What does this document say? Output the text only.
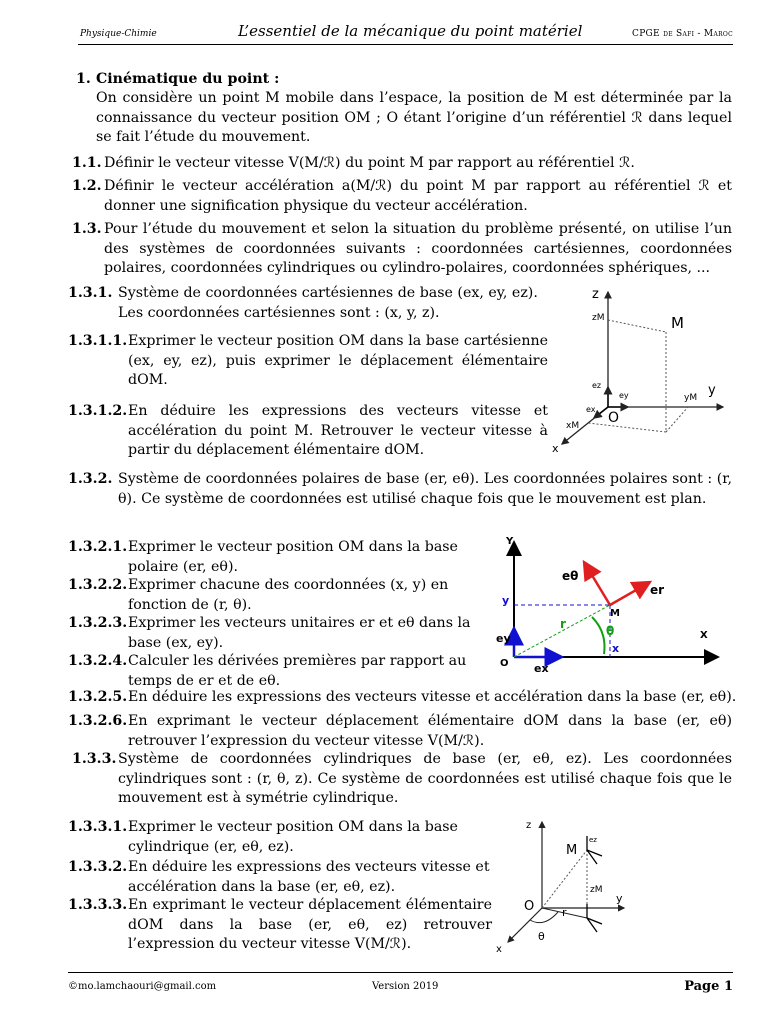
Physique-Chimie	L’essentiel de la mécanique du point matériel	CPGE de Safi - Maroc
1. Cinématique du point :
On considère un point M mobile dans l’espace, la position de M est déterminée par la connaissance du vecteur position OM ; O étant l’origine d’un référentiel ℛ dans lequel se fait l’étude du mouvement.
1.1. Définir le vecteur vitesse V(M/ℛ) du point M par rapport au référentiel ℛ.
1.2. Définir le vecteur accélération a(M/ℛ) du point M par rapport au référentiel ℛ et donner une signification physique du vecteur accélération.
1.3. Pour l’étude du mouvement et selon la situation du problème présenté, on utilise l’un des systèmes de coordonnées suivants : coordonnées cartésiennes, coordonnées polaires, coordonnées cylindriques ou cylindro-polaires, coordonnées sphériques, ...
1.3.1. Système de coordonnées cartésiennes de base (ex, ey, ez). Les coordonnées cartésiennes sont : (x, y, z).
1.3.1.1. Exprimer le vecteur position OM dans la base cartésienne (ex, ey, ez), puis exprimer le déplacement élémentaire dOM.
1.3.1.2. En déduire les expressions des vecteurs vitesse et accélération du point M. Retrouver le vecteur vitesse à partir du déplacement élémentaire dOM.
1.3.2. Système de coordonnées polaires de base (er, eθ). Les coordonnées polaires sont : (r, θ). Ce système de coordonnées est utilisé chaque fois que le mouvement est plan.
1.3.2.1. Exprimer le vecteur position OM dans la base polaire (er, eθ).
1.3.2.2. Exprimer chacune des coordonnées (x, y) en fonction de (r, θ).
1.3.2.3. Exprimer les vecteurs unitaires er et eθ dans la base (ex, ey).
1.3.2.4. Calculer les dérivées premières par rapport au temps de er et de eθ.
1.3.2.5. En déduire les expressions des vecteurs vitesse et accélération dans la base (er, eθ).
1.3.2.6. En exprimant le vecteur déplacement élémentaire dOM dans la base (er, eθ) retrouver l’expression du vecteur vitesse V(M/ℛ).
1.3.3. Système de coordonnées cylindriques de base (er, eθ, ez). Les coordonnées cylindriques sont : (r, θ, z). Ce système de coordonnées est utilisé chaque fois que le mouvement est à symétrie cylindrique.
1.3.3.1. Exprimer le vecteur position OM dans la base cylindrique (er, eθ, ez).
1.3.3.2. En déduire les expressions des vecteurs vitesse et accélération dans la base (er, eθ, ez).
1.3.3.3. En exprimant le vecteur déplacement élémentaire dOM dans la base (er, eθ, ez) retrouver l’expression du vecteur vitesse V(M/ℛ).
z
zM	M
ez
ey
ex
O
yM y
xM
x
Y
eθ
er
y
M
r	θ
ey	X
x
O ex
z
M
ez
zM
y
O	r
θ
x
©mo.lamchaouri@gmail.com	Version 2019	Page 1
